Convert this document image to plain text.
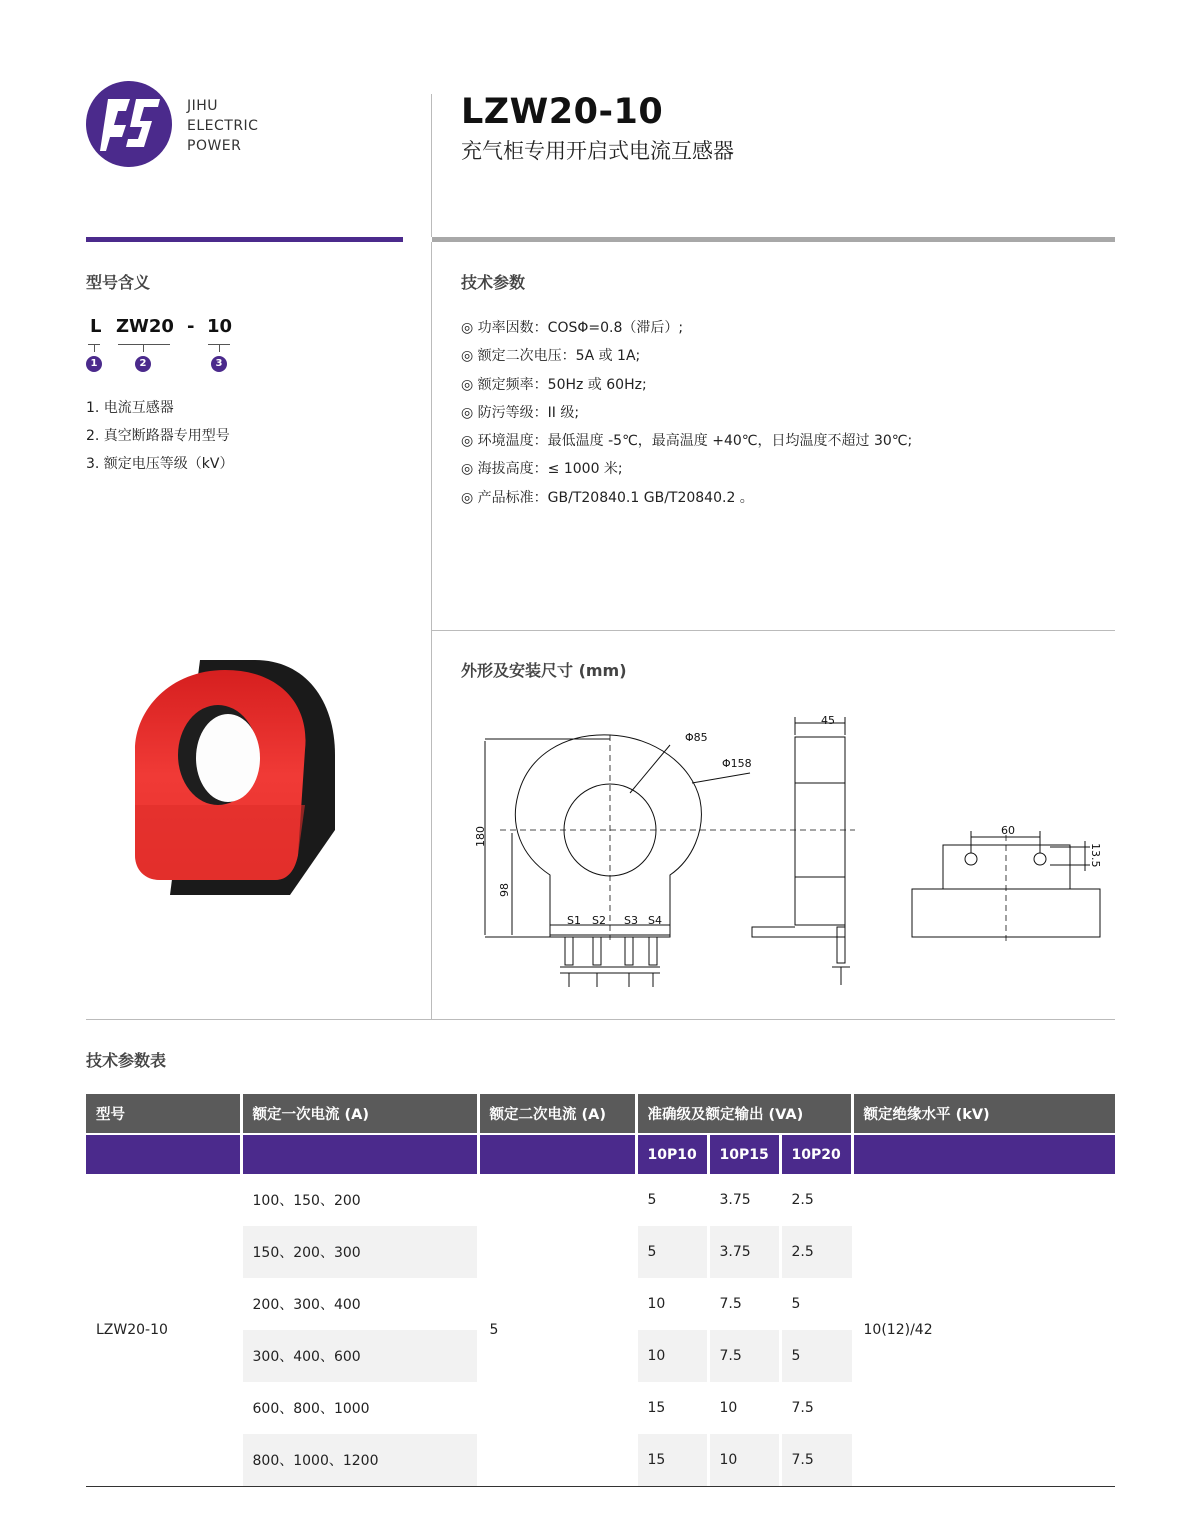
JIHU
ELECTRIC
POWER
LZW20-10
充气柜专用开启式电流互感器
型号含义
L ZW20 - 10
1	2	3
1. 电流互感器
2. 真空断路器专用型号
3. 额定电压等级（kV）
技术参数
◎ 功率因数：COSΦ=0.8（滞后）;
◎ 额定二次电压：5A 或 1A;
◎ 额定频率：50Hz 或 60Hz;
◎ 防污等级：II 级;
◎ 环境温度：最低温度 -5℃，最高温度 +40℃，日均温度不超过 30℃;
◎ 海拔高度：≤ 1000 米;
◎ 产品标准：GB/T20840.1 GB/T20840.2 。
外形及安装尺寸 (mm)
Φ85
Φ158
180
98
45
60
13.5
S1 S2 S3 S4
技术参数表
型号	额定一次电流 (A)	额定二次电流 (A)	准确级及额定输出 (VA)			额定绝缘水平 (kV)
			10P10	10P15	10P20	
LZW20-10	100、150、200	5	5	3.75	2.5	10(12)/42
	150、200、300		5	3.75	2.5	
	200、300、400		10	7.5	5	
	300、400、600		10	7.5	5	
	600、800、1000		15	10	7.5	
	800、1000、1200		15	10	7.5	
